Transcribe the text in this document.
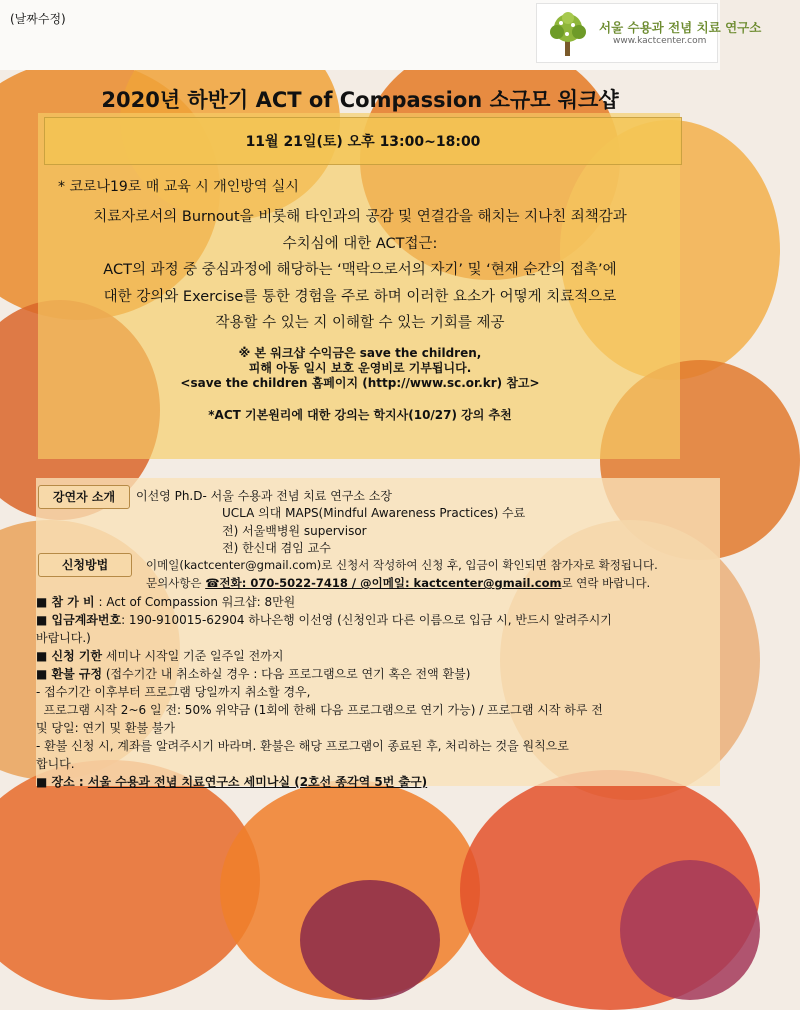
(날짜수정)
서울 수용과 전념 치료 연구소
www.kactcenter.com
2020년 하반기 ACT of Compassion 소규모 워크샵
11월 21일(토) 오후 13:00~18:00
* 코로나19로 매 교육 시 개인방역 실시
치료자로서의 Burnout을 비롯해 타인과의 공감 및 연결감을 해치는 지나친 죄책감과
수치심에 대한 ACT접근:
ACT의 과정 중 중심과정에 해당하는 ‘맥락으로서의 자기’ 및 ‘현재 순간의 접촉’에
대한 강의와 Exercise를 통한 경험을 주로 하며 이러한 요소가 어떻게 치료적으로
작용할 수 있는 지 이해할 수 있는 기회를 제공
※ 본 워크샵 수익금은 save the children,
피해 아동 일시 보호 운영비로 기부됩니다.
<save the children 홈페이지 (http://www.sc.or.kr) 참고>
*ACT 기본원리에 대한 강의는 학지사(10/27) 강의 추천
강연자 소개	이선영 Ph.D- 서울 수용과 전념 치료 연구소 소장
UCLA 의대 MAPS(Mindful Awareness Practices) 수료
전) 서울백병원 supervisor
전) 한신대 겸임 교수
신청방법	이메일(kactcenter@gmail.com)로 신청서 작성하여 신청 후, 입금이 확인되면 참가자로 확정됩니다.
문의사항은 ☎전화: 070-5022-7418 / @이메일: kactcenter@gmail.com로 연락 바랍니다.
■ 참 가 비 : Act of Compassion 워크샵: 8만원
■ 입금계좌번호: 190-910015-62904 하나은행 이선영 (신청인과 다른 이름으로 입금 시, 반드시 알려주시기
바랍니다.)
■ 신청 기한 세미나 시작일 기준 일주일 전까지
■ 환불 규정 (접수기간 내 취소하실 경우 : 다음 프로그램으로 연기 혹은 전액 환불)
- 접수기간 이후부터 프로그램 당일까지 취소할 경우,
프로그램 시작 2~6 일 전: 50% 위약금 (1회에 한해 다음 프로그램으로 연기 가능) / 프로그램 시작 하루 전
및 당일: 연기 및 환불 불가
- 환불 신청 시, 계좌를 알려주시기 바라며. 환불은 해당 프로그램이 종료된 후, 처리하는 것을 원칙으로
합니다.
■ 장소 : 서울 수용과 전념 치료연구소 세미나실 (2호선 종각역 5번 출구)
